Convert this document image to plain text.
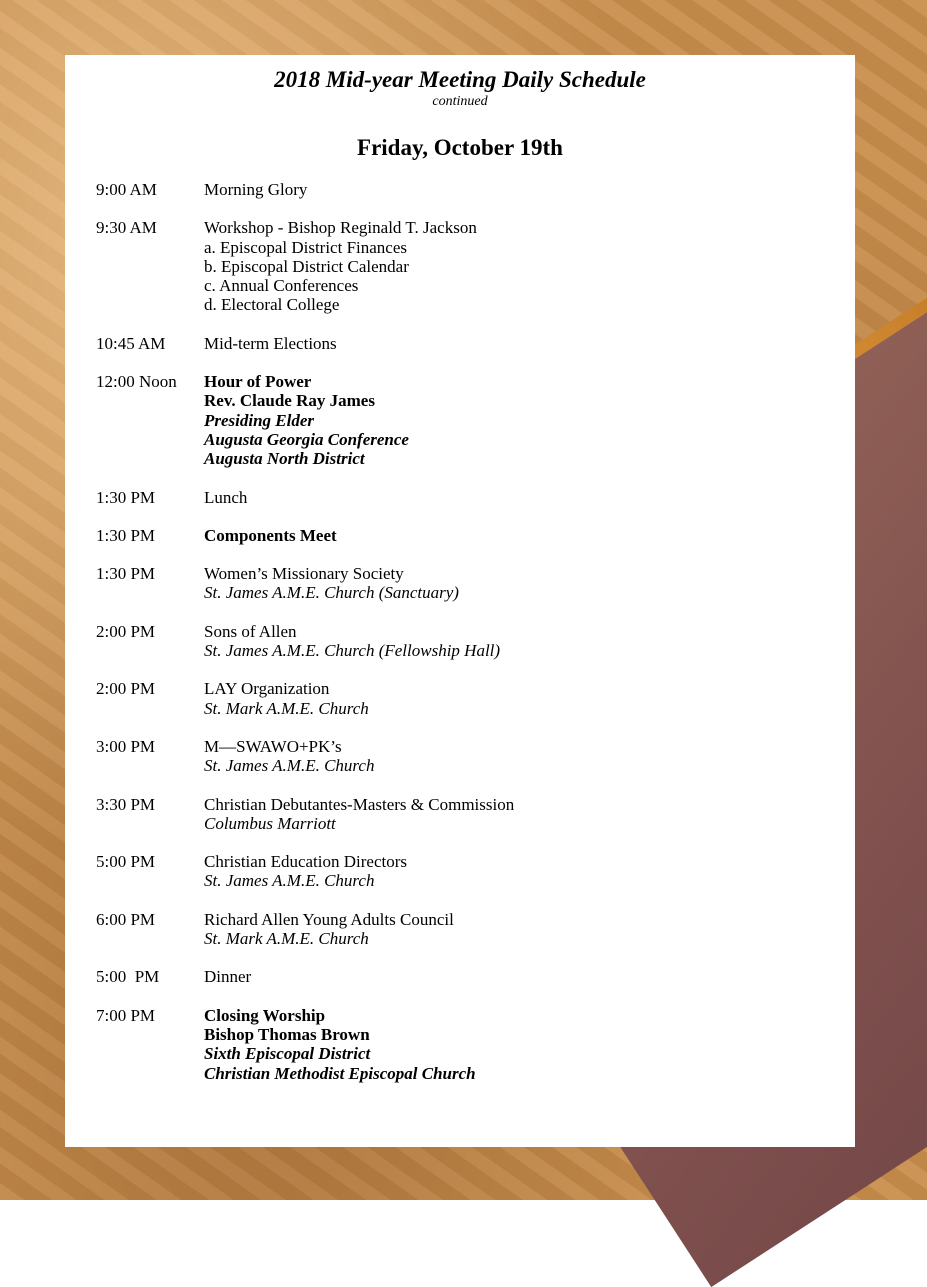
2018 Mid-year Meeting Daily Schedule
continued
Friday, October 19th
9:00 AM	Morning Glory
9:30 AM	Workshop - Bishop Reginald T. Jackson
a. Episcopal District Finances
b. Episcopal District Calendar
c. Annual Conferences
d. Electoral College
10:45 AM	Mid-term Elections
12:00 Noon	Hour of Power
Rev. Claude Ray James
Presiding Elder
Augusta Georgia Conference
Augusta North District
1:30 PM	Lunch
1:30 PM	Components Meet
1:30 PM	Women’s Missionary Society
St. James A.M.E. Church (Sanctuary)
2:00 PM	Sons of Allen
St. James A.M.E. Church (Fellowship Hall)
2:00 PM	LAY Organization
St. Mark A.M.E. Church
3:00 PM	M—SWAWO+PK’s
St. James A.M.E. Church
3:30 PM	Christian Debutantes-Masters & Commission
Columbus Marriott
5:00 PM	Christian Education Directors
St. James A.M.E. Church
6:00 PM	Richard Allen Young Adults Council
St. Mark A.M.E. Church
5:00  PM	Dinner
7:00 PM	Closing Worship
Bishop Thomas Brown
Sixth Episcopal District
Christian Methodist Episcopal Church
